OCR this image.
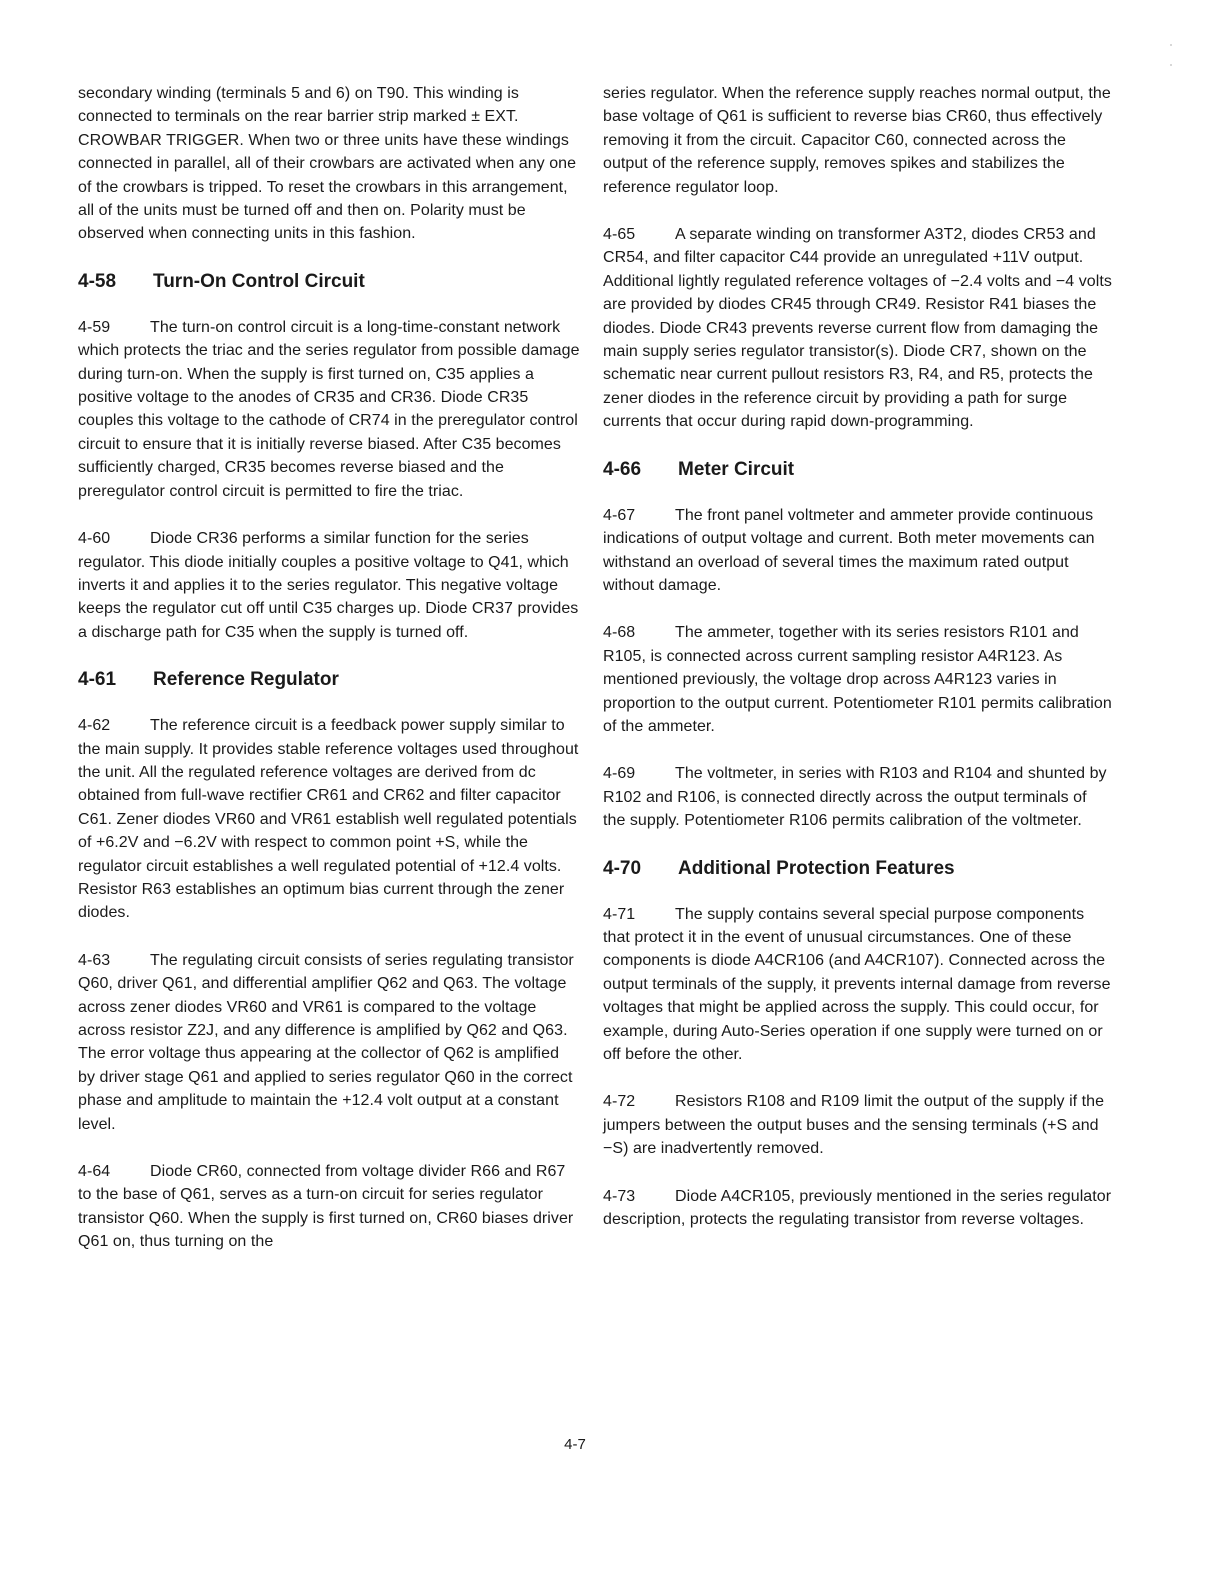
secondary winding (terminals 5 and 6) on T90. This winding is connected to terminals on the rear barrier strip marked ± EXT. CROWBAR TRIGGER. When two or three units have these windings connected in parallel, all of their crowbars are activated when any one of the crowbars is tripped. To reset the crowbars in this arrangement, all of the units must be turned off and then on. Polarity must be observed when connecting units in this fashion.

4-58 Turn-On Control Circuit

4-59 The turn-on control circuit is a long-time-constant network which protects the triac and the series regulator from possible damage during turn-on. When the supply is first turned on, C35 applies a positive voltage to the anodes of CR35 and CR36. Diode CR35 couples this voltage to the cathode of CR74 in the preregulator control circuit to ensure that it is initially reverse biased. After C35 becomes sufficiently charged, CR35 becomes reverse biased and the preregulator control circuit is permitted to fire the triac.

4-60 Diode CR36 performs a similar function for the series regulator. This diode initially couples a positive voltage to Q41, which inverts it and applies it to the series regulator. This negative voltage keeps the regulator cut off until C35 charges up. Diode CR37 provides a discharge path for C35 when the supply is turned off.

4-61 Reference Regulator

4-62 The reference circuit is a feedback power supply similar to the main supply. It provides stable reference voltages used throughout the unit. All the regulated reference voltages are derived from dc obtained from full-wave rectifier CR61 and CR62 and filter capacitor C61. Zener diodes VR60 and VR61 establish well regulated potentials of +6.2V and −6.2V with respect to common point +S, while the regulator circuit establishes a well regulated potential of +12.4 volts. Resistor R63 establishes an optimum bias current through the zener diodes.

4-63 The regulating circuit consists of series regulating transistor Q60, driver Q61, and differential amplifier Q62 and Q63. The voltage across zener diodes VR60 and VR61 is compared to the voltage across resistor Z2J, and any difference is amplified by Q62 and Q63. The error voltage thus appearing at the collector of Q62 is amplified by driver stage Q61 and applied to series regulator Q60 in the correct phase and amplitude to maintain the +12.4 volt output at a constant level.

4-64 Diode CR60, connected from voltage divider R66 and R67 to the base of Q61, serves as a turn-on circuit for series regulator transistor Q60. When the supply is first turned on, CR60 biases driver Q61 on, thus turning on the

series regulator. When the reference supply reaches normal output, the base voltage of Q61 is sufficient to reverse bias CR60, thus effectively removing it from the circuit. Capacitor C60, connected across the output of the reference supply, removes spikes and stabilizes the reference regulator loop.

4-65 A separate winding on transformer A3T2, diodes CR53 and CR54, and filter capacitor C44 provide an unregulated +11V output. Additional lightly regulated reference voltages of −2.4 volts and −4 volts are provided by diodes CR45 through CR49. Resistor R41 biases the diodes. Diode CR43 prevents reverse current flow from damaging the main supply series regulator transistor(s). Diode CR7, shown on the schematic near current pullout resistors R3, R4, and R5, protects the zener diodes in the reference circuit by providing a path for surge currents that occur during rapid down-programming.

4-66 Meter Circuit

4-67 The front panel voltmeter and ammeter provide continuous indications of output voltage and current. Both meter movements can withstand an overload of several times the maximum rated output without damage.

4-68 The ammeter, together with its series resistors R101 and R105, is connected across current sampling resistor A4R123. As mentioned previously, the voltage drop across A4R123 varies in proportion to the output current. Potentiometer R101 permits calibration of the ammeter.

4-69 The voltmeter, in series with R103 and R104 and shunted by R102 and R106, is connected directly across the output terminals of the supply. Potentiometer R106 permits calibration of the voltmeter.

4-70 Additional Protection Features

4-71 The supply contains several special purpose components that protect it in the event of unusual circumstances. One of these components is diode A4CR106 (and A4CR107). Connected across the output terminals of the supply, it prevents internal damage from reverse voltages that might be applied across the supply. This could occur, for example, during Auto-Series operation if one supply were turned on or off before the other.

4-72 Resistors R108 and R109 limit the output of the supply if the jumpers between the output buses and the sensing terminals (+S and −S) are inadvertently removed.

4-73 Diode A4CR105, previously mentioned in the series regulator description, protects the regulating transistor from reverse voltages.

4-7
